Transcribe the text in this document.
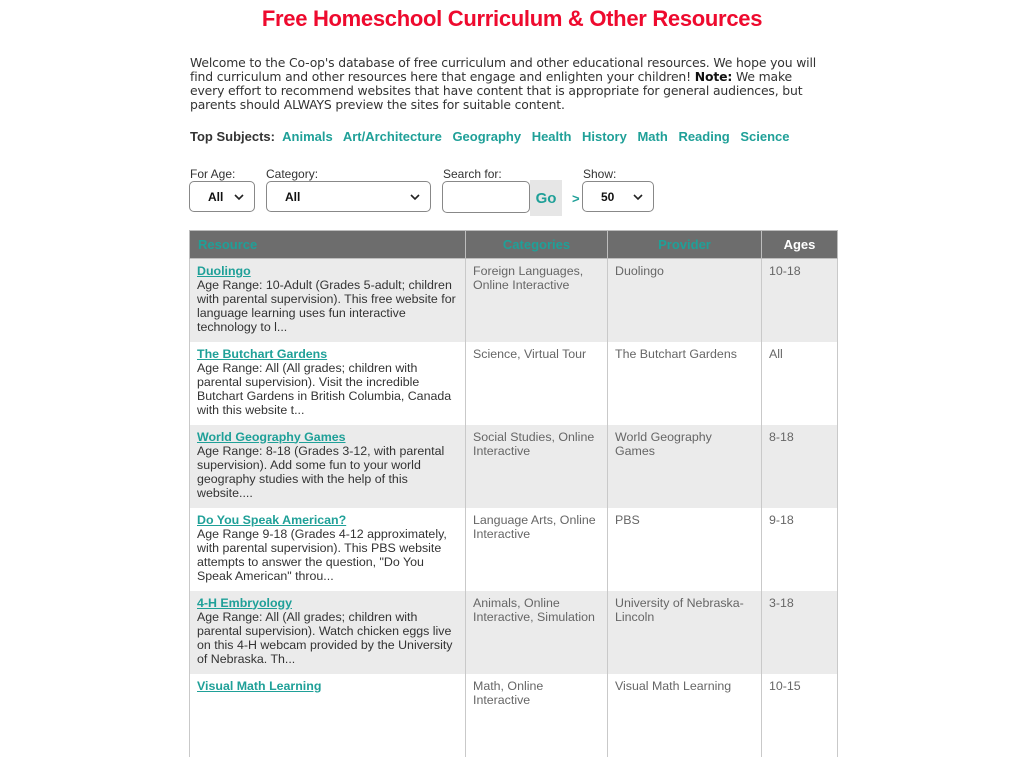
Free Homeschool Curriculum & Other Resources
Welcome to the Co-op's database of free curriculum and other educational resources. We hope you will find curriculum and other resources here that engage and enlighten your children! Note: We make every effort to recommend websites that have content that is appropriate for general audiences, but parents should ALWAYS preview the sites for suitable content.
Top Subjects: Animals Art/Architecture Geography Health History Math Reading Science
For Age:
All
Category:
All
Search for:
Go	>
Show:
50
Resource	Categories	Provider	Ages
Duolingo
Age Range: 10-Adult (Grades 5-adult; children with parental supervision). This free website for language learning uses fun interactive technology to l...	Foreign Languages, Online Interactive	Duolingo	10-18
The Butchart Gardens
Age Range: All (All grades; children with parental supervision). Visit the incredible Butchart Gardens in British Columbia, Canada with this website t...	Science, Virtual Tour	The Butchart Gardens	All
World Geography Games
Age Range: 8-18 (Grades 3-12, with parental supervision). Add some fun to your world geography studies with the help of this website....	Social Studies, Online Interactive	World Geography Games	8-18
Do You Speak American?
Age Range 9-18 (Grades 4-12 approximately, with parental supervision). This PBS website attempts to answer the question, "Do You Speak American" throu...	Language Arts, Online Interactive	PBS	9-18
4-H Embryology
Age Range: All (All grades; children with parental supervision). Watch chicken eggs live on this 4-H webcam provided by the University of Nebraska. Th...	Animals, Online Interactive, Simulation	University of Nebraska-Lincoln	3-18
Visual Math Learning	Math, Online Interactive	Visual Math Learning	10-15
